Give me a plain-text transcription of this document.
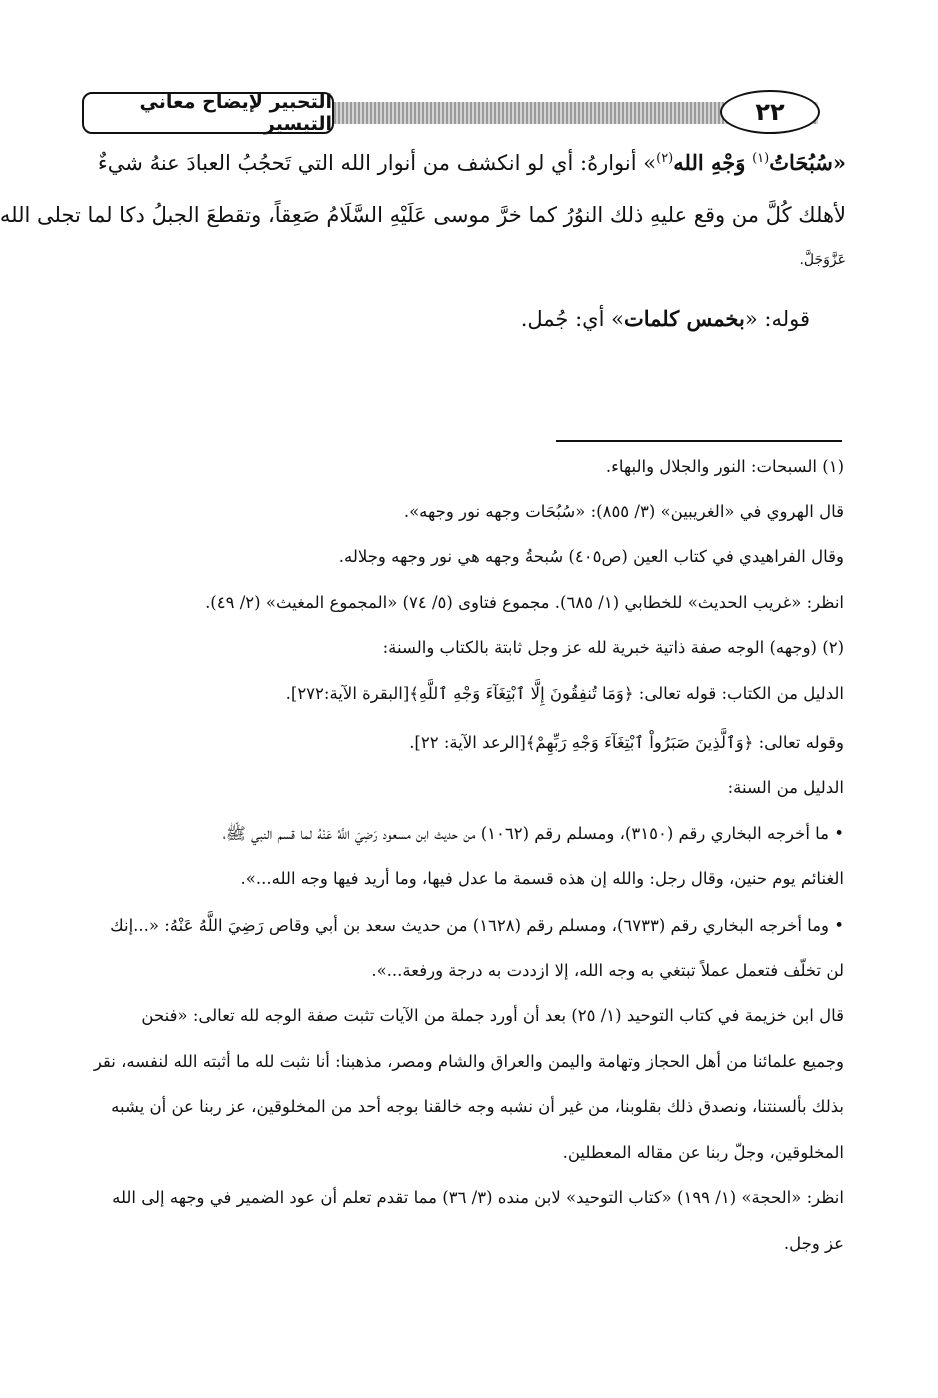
التحبير لإيضاح معاني التيسير	٢٢
«سُبُحَاتُ$^{(١)}$ وَجْهِ الله$^{(٢)}$» أنوارهُ: أي لو انكشف من أنوار الله التي تَحجُبُ العبادَ عنهُ شيءٌ
لأهلك كُلَّ من وقع عليهِ ذلك النوُرُ كما خرَّ موسى عَلَيْهِ السَّلَامُ صَعِقاً، وتقطعَ الجبلُ دكا لما تجلى الله
عَزَّوَجَلَّ.
قوله: «بخمس كلمات» أي: جُمل.
(١) السبحات: النور والجلال والبهاء.
قال الهروي في «الغريبين» (٣/ ٨٥٥): «سُبُحَات وجهه نور وجهه».
وقال الفراهيدي في كتاب العين (ص٤٠٥) سُبحةُ وجهه هي نور وجهه وجلاله.
انظر: «غريب الحديث» للخطابي (١/ ٦٨٥). مجموع فتاوى (٥/ ٧٤) «المجموع المغيث» (٢/ ٤٩).
(٢) (وجهه) الوجه صفة ذاتية خبرية لله عز وجل ثابتة بالكتاب والسنة:
الدليل من الكتاب: قوله تعالى: ﴿وَمَا تُنفِقُونَ إِلَّا ٱبْتِغَآءَ وَجْهِ ٱللَّهِ﴾[البقرة الآية:٢٧٢].
وقوله تعالى: ﴿وَٱلَّذِينَ صَبَرُواْ ٱبْتِغَآءَ وَجْهِ رَبِّهِمْ﴾[الرعد الآية: ٢٢].
الدليل من السنة:
• ما أخرجه البخاري رقم (٣١٥٠)، ومسلم رقم (١٠٦٢) من حديث ابن مسعود رَضِيَ اللَّهُ عَنْهُ لما قسم النبي ﷺ،
الغنائم يوم حنين، وقال رجل: والله إن هذه قسمة ما عدل فيها، وما أريد فيها وجه الله...».
• وما أخرجه البخاري رقم (٦٧٣٣)، ومسلم رقم (١٦٢٨) من حديث سعد بن أبي وقاص رَضِيَ اللَّهُ عَنْهُ: «...إنك
لن تخلّف فتعمل عملاً تبتغي به وجه الله، إلا ازددت به درجة ورفعة...».
قال ابن خزيمة في كتاب التوحيد (١/ ٢٥) بعد أن أورد جملة من الآيات تثبت صفة الوجه لله تعالى: «فنحن
وجميع علمائنا من أهل الحجاز وتهامة واليمن والعراق والشام ومصر، مذهبنا: أنا نثبت لله ما أثبته الله لنفسه، نقر
بذلك بألسنتنا، ونصدق ذلك بقلوبنا، من غير أن نشبه وجه خالقنا بوجه أحد من المخلوقين، عز ربنا عن أن يشبه
المخلوقين، وجلّ ربنا عن مقاله المعطلين.
انظر: «الحجة» (١/ ١٩٩) «كتاب التوحيد» لابن منده (٣/ ٣٦) مما تقدم تعلم أن عود الضمير في وجهه إلى الله
عز وجل.
